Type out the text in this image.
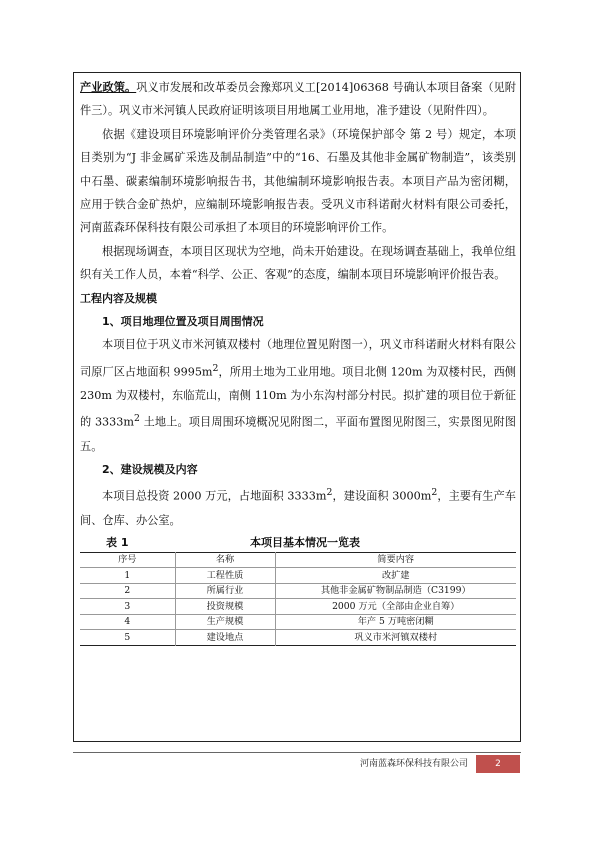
产业政策。巩义市发展和改革委员会豫郑巩义工[2014]06368 号确认本项目备案（见附件三）。巩义市米河镇人民政府证明该项目用地属工业用地，准予建设（见附件四）。

依据《建设项目环境影响评价分类管理名录》（环境保护部令 第 2 号）规定，本项目类别为“J 非金属矿采选及制品制造”中的“16、石墨及其他非金属矿物制造”，该类别中石墨、碳素编制环境影响报告书，其他编制环境影响报告表。本项目产品为密闭糊，应用于铁合金矿热炉，应编制环境影响报告表。受巩义市科诺耐火材料有限公司委托，河南蓝森环保科技有限公司承担了本项目的环境影响评价工作。

根据现场调查，本项目区现状为空地，尚未开始建设。在现场调查基础上，我单位组织有关工作人员，本着“科学、公正、客观”的态度，编制本项目环境影响评价报告表。

工程内容及规模

1、项目地理位置及项目周围情况

本项目位于巩义市米河镇双楼村（地理位置见附图一），巩义市科诺耐火材料有限公司原厂区占地面积 $9995m^2$，所用土地为工业用地。项目北侧 120m 为双楼村民，西侧 230m 为双楼村，东临荒山，南侧 110m 为小东沟村部分村民。拟扩建的项目位于新征的 $3333m^2$ 土地上。项目周围环境概况见附图二，平面布置图见附图三，实景图见附图五。

2、建设规模及内容

本项目总投资 2000 万元，占地面积 $3333m^2$，建设面积 $3000m^2$，主要有生产车间、仓库、办公室。

表 1	本项目基本情况一览表
序号	名称	简要内容
1	工程性质	改扩建
2	所属行业	其他非金属矿物制品制造（C3199）
3	投资规模	2000 万元（全部由企业自筹）
4	生产规模	年产 5 万吨密闭糊
5	建设地点	巩义市米河镇双楼村
河南蓝森环保科技有限公司	2
